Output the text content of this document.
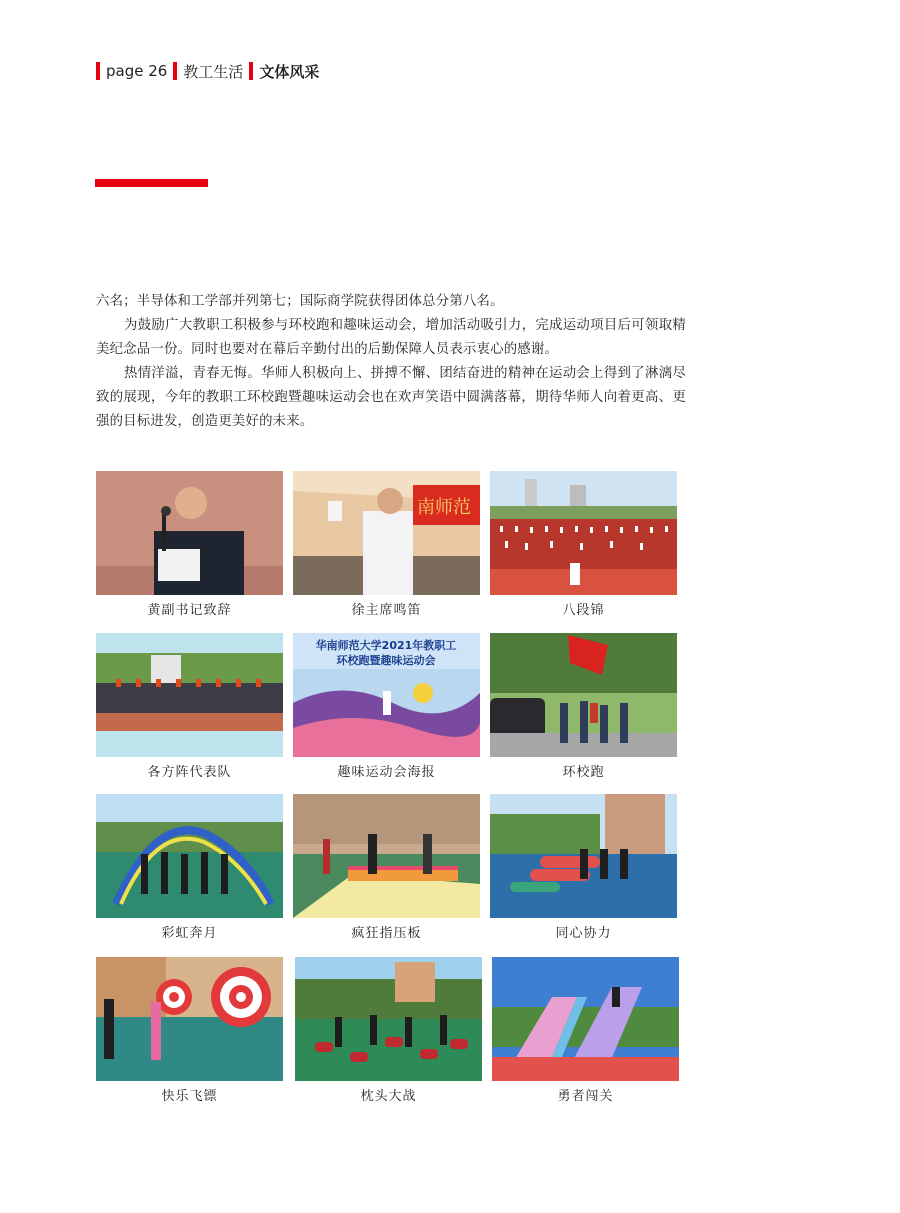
page 26 教工生活 文体风采

六名；半导体和工学部并列第七；国际商学院获得团体总分第八名。

为鼓励广大教职工积极参与环校跑和趣味运动会，增加活动吸引力，完成运动项目后可领取精美纪念品一份。同时也要对在幕后辛勤付出的后勤保障人员表示衷心的感谢。

热情洋溢，青春无悔。华师人积极向上、拼搏不懈、团结奋进的精神在运动会上得到了淋漓尽致的展现，今年的教职工环校跑暨趣味运动会也在欢声笑语中圆满落幕，期待华师人向着更高、更强的目标进发，创造更美好的未来。

黄副书记致辞
南师范
徐主席鸣笛	八段锦
各方阵代表队
华南师范大学2021年教职工
环校跑暨趣味运动会
趣味运动会海报	环校跑
彩虹奔月	疯狂指压板	同心协力
快乐飞镖	枕头大战	勇者闯关
